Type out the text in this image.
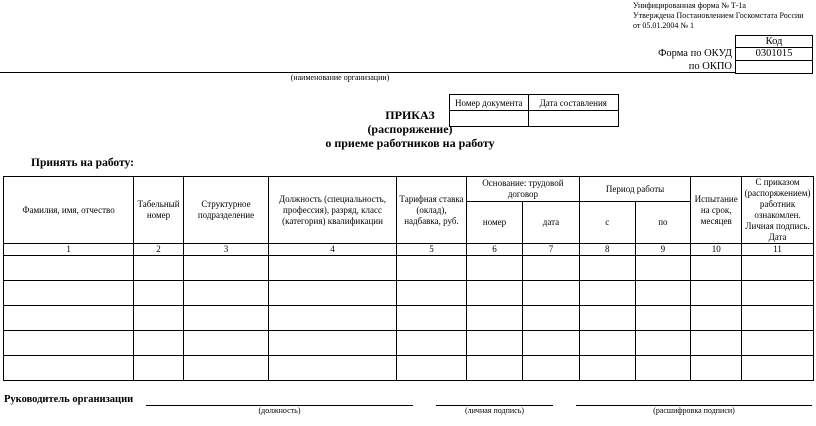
Унифицированная форма № Т-1а
Утверждена Постановлением Госкомстата России
от 05.01.2004 № 1
Код
0301015
Форма по ОКУД
по ОКПО
(наименование организации)
Номер документа	Дата составления

ПРИКАЗ
(распоряжение)
о приеме работников на работу
Принять на работу:
Фамилия, имя, отчество	Табельный номер	Структурное подразделение	Должность (специальность, профессия), разряд, класс (категория) квалификации	Тарифная ставка (оклад), надбавка, руб.	Основание: трудовой договор		Период работы		Испытание на срок, месяцев	С приказом (распоряжением) работник ознакомлен. Личная подпись. Дата
					номер	дата	с	по		
1	2	3	4	5	6	7	8	9	10	11

Руководитель организации
(должность)	(личная подпись)	(расшифровка подписи)
